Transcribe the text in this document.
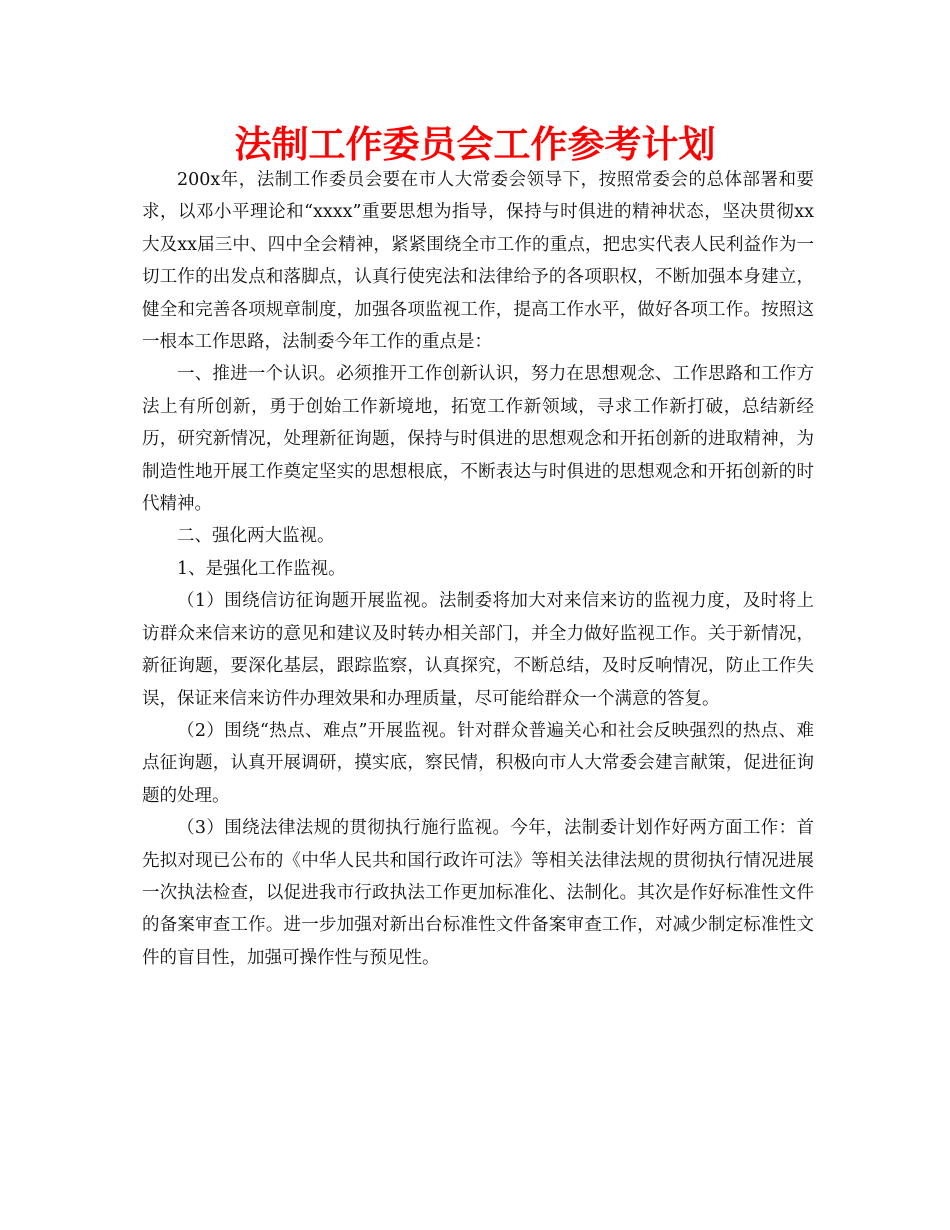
法制工作委员会工作参考计划

200x年，法制工作委员会要在市人大常委会领导下，按照常委会的总体部署和要求，以邓小平理论和“xxxx”重要思想为指导，保持与时俱进的精神状态，坚决贯彻xx大及xx届三中、四中全会精神，紧紧围绕全市工作的重点，把忠实代表人民利益作为一切工作的出发点和落脚点，认真行使宪法和法律给予的各项职权，不断加强本身建立，健全和完善各项规章制度，加强各项监视工作，提高工作水平，做好各项工作。按照这一根本工作思路，法制委今年工作的重点是：

一、推进一个认识。必须推开工作创新认识，努力在思想观念、工作思路和工作方法上有所创新，勇于创始工作新境地，拓宽工作新领域，寻求工作新打破，总结新经历，研究新情况，处理新征询题，保持与时俱进的思想观念和开拓创新的进取精神，为制造性地开展工作奠定坚实的思想根底，不断表达与时俱进的思想观念和开拓创新的时代精神。

二、强化两大监视。

1、是强化工作监视。

（1）围绕信访征询题开展监视。法制委将加大对来信来访的监视力度，及时将上访群众来信来访的意见和建议及时转办相关部门，并全力做好监视工作。关于新情况，新征询题，要深化基层，跟踪监察，认真探究，不断总结，及时反响情况，防止工作失误，保证来信来访件办理效果和办理质量，尽可能给群众一个满意的答复。

（2）围绕“热点、难点”开展监视。针对群众普遍关心和社会反映强烈的热点、难点征询题，认真开展调研，摸实底，察民情，积极向市人大常委会建言献策，促进征询题的处理。

（3）围绕法律法规的贯彻执行施行监视。今年，法制委计划作好两方面工作：首先拟对现已公布的《中华人民共和国行政许可法》等相关法律法规的贯彻执行情况进展一次执法检查，以促进我市行政执法工作更加标准化、法制化。其次是作好标准性文件的备案审查工作。进一步加强对新出台标准性文件备案审查工作，对减少制定标准性文件的盲目性，加强可操作性与预见性。
